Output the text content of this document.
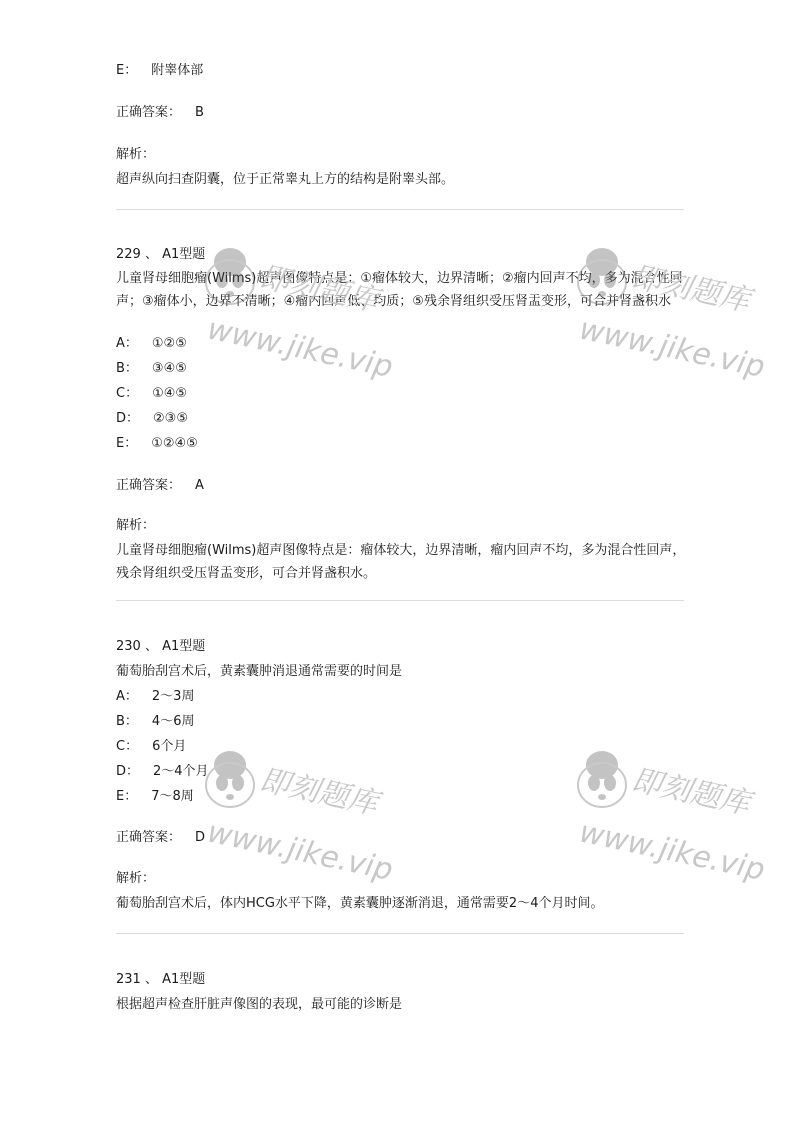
E： 附睾体部
正确答案： B
解析：
超声纵向扫查阴囊，位于正常睾丸上方的结构是附睾头部。
229 、 A1型题
儿童肾母细胞瘤(Wilms)超声图像特点是：①瘤体较大，边界清晰；②瘤内回声不均，多为混合性回声；③瘤体小，边界不清晰；④瘤内回声低、均质；⑤残余肾组织受压肾盂变形，可合并肾盏积水
A： ①②⑤
B： ③④⑤
C： ①④⑤
D： ②③⑤
E： ①②④⑤
正确答案： A
解析：
儿童肾母细胞瘤(Wilms)超声图像特点是：瘤体较大，边界清晰，瘤内回声不均，多为混合性回声，残余肾组织受压肾盂变形，可合并肾盏积水。
230 、 A1型题
葡萄胎刮宫术后，黄素囊肿消退通常需要的时间是
A： 2～3周
B： 4～6周
C： 6个月
D： 2～4个月
E： 7～8周
正确答案： D
解析：
葡萄胎刮宫术后，体内HCG水平下降，黄素囊肿逐渐消退，通常需要2～4个月时间。
231 、 A1型题
根据超声检查肝脏声像图的表现，最可能的诊断是
即刻题库
www.jike.vip
即刻题库
www.jike.vip
即刻题库
www.jike.vip
即刻题库
www.jike.vip
